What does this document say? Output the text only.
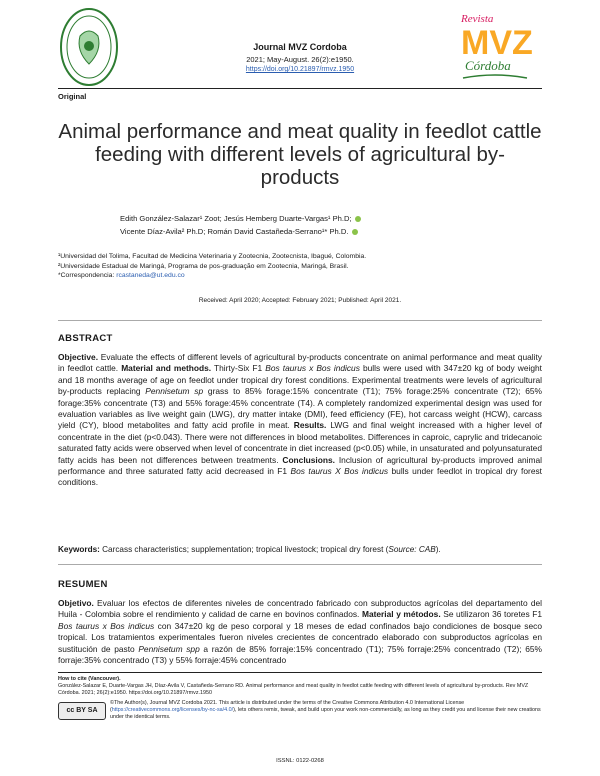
Revista
MVZ
Córdoba
Journal MVZ Cordoba
2021; May-August. 26(2):e1950.
https://doi.org/10.21897/rmvz.1950
Original
Animal performance and meat quality in feedlot cattle feeding with different levels of agricultural by-products
Edith González-Salazar¹ Zoot; Jesús Hemberg Duarte-Vargas¹ Ph.D;
Vicente Díaz-Avila² Ph.D; Román David Castañeda-Serrano¹* Ph.D.
¹Universidad del Tolima, Facultad de Medicina Veterinaria y Zootecnia, Zootecnista, Ibagué, Colombia.
²Universidade Estadual de Maringá, Programa de pos-graduação em Zootecnia, Maringá, Brasil.
*Correspondencia: rcastaneda@ut.edu.co
Received: April 2020; Accepted: February 2021; Published: April 2021.
ABSTRACT
Objective. Evaluate the effects of different levels of agricultural by-products concentrate on animal performance and meat quality in feedlot cattle. Material and methods. Thirty-Six F1 Bos taurus x Bos indicus bulls were used with 347±20 kg of body weight and 18 months average of age on feedlot under tropical dry forest conditions. Experimental treatments were levels of agricultural by-products replacing Pennisetum sp grass to 85% forage:15% concentrate (T1); 75% forage:25% concentrate (T2); 65% forage:35% concentrate (T3) and 55% forage:45% concentrate (T4). A completely randomized experimental design was used for evaluation variables as live weight gain (LWG), dry matter intake (DMI), feed efficiency (FE), hot carcass weight (HCW), carcass yield (CY), blood metabolites and fatty acid profile in meat. Results. LWG and final weight increased with a higher level of concentrate in the diet (p<0.043). There were not differences in blood metabolites. Differences in caproic, caprylic and tridecanoic saturated fatty acids were observed when level of concentrate in diet increased (p<0.05) while, in unsaturated and polyunsaturated fatty acids has been not differences between treatments. Conclusions. Inclusion of agricultural by-products improved animal performance and three saturated fatty acid decreased in F1 Bos taurus X Bos indicus bulls under feedlot in tropical dry forest conditions.
Keywords: Carcass characteristics; supplementation; tropical livestock; tropical dry forest (Source: CAB).
RESUMEN
Objetivo. Evaluar los efectos de diferentes niveles de concentrado fabricado con subproductos agrícolas del departamento del Huila - Colombia sobre el rendimiento y calidad de carne en bovinos confinados. Material y métodos. Se utilizaron 36 toretes F1 Bos taurus x Bos indicus con 347±20 kg de peso corporal y 18 meses de edad confinados bajo condiciones de bosque seco tropical. Los tratamientos experimentales fueron niveles crecientes de concentrado elaborado con subproductos agrícolas en sustitución de pasto Pennisetum spp a razón de 85% forraje:15% concentrado (T1); 75% forraje:25% concentrado (T2); 65% forraje:35% concentrado (T3) y 55% forraje:45% concentrado
How to cite (Vancouver).
González-Salazar E, Duarte-Vargas JH, Díaz-Avila V, Castañeda-Serrano RD. Animal performance and meat quality in feedlot cattle feeding with different levels of agricultural by-products. Rev MVZ Córdoba. 2021; 26(2):e1950. https://doi.org/10.21897/rmvz.1950
cc BY SA
©The Author(s), Journal MVZ Cordoba 2021. This article is distributed under the terms of the Creative Commons Attribution 4.0 International License (https://creativecommons.org/licenses/by-nc-sa/4.0/), lets others remix, tweak, and build upon your work non-commercially, as long as they credit you and license their new creations under the identical terms.
ISSNL: 0122-0268
